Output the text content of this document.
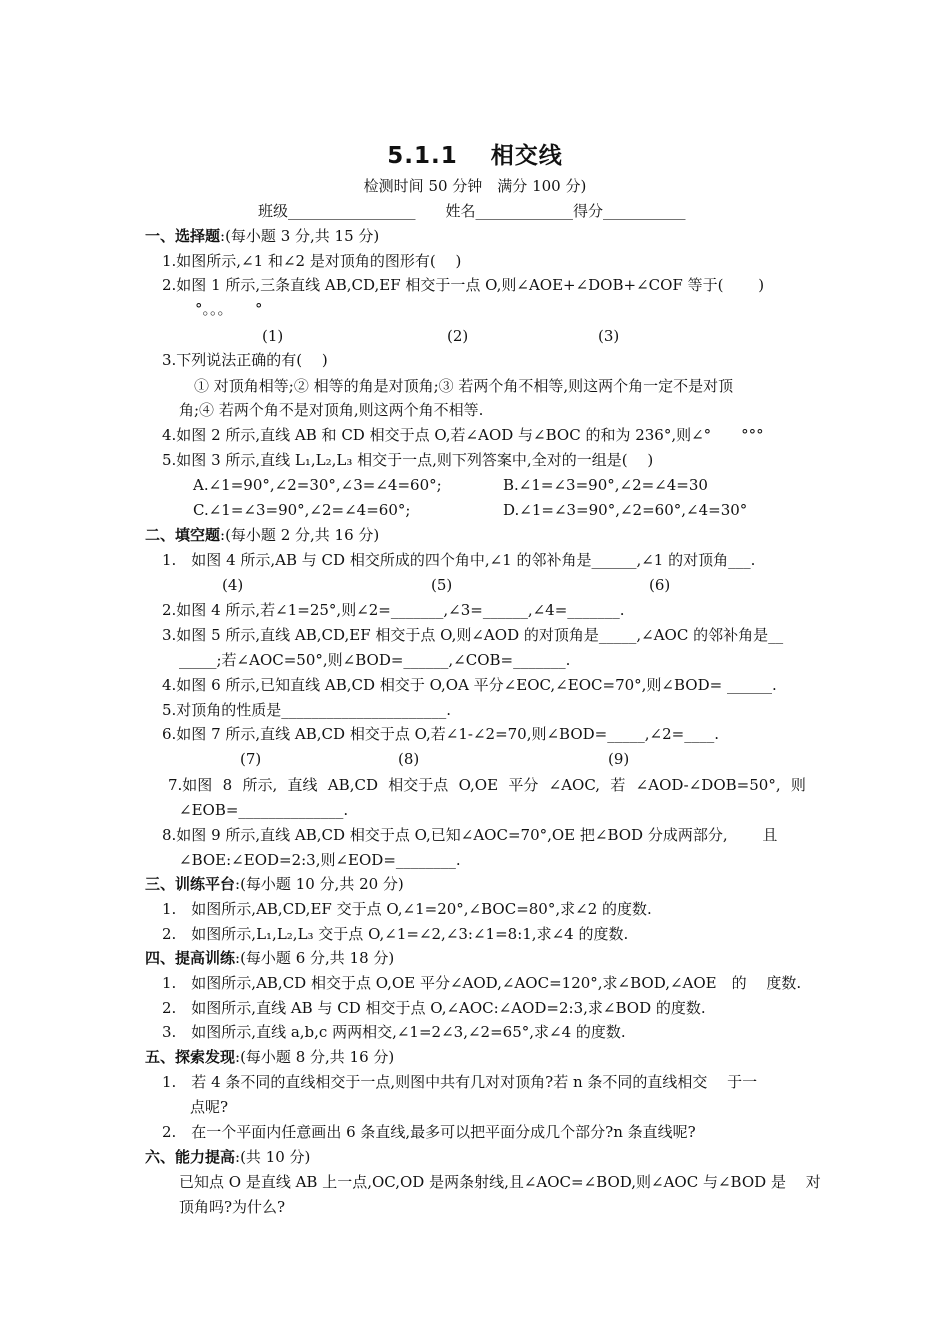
5.1.1　 相交线
检测时间 50 分钟　满分 100 分)
班级_________________　　姓名_____________得分___________
一、选择题:(每小题 3 分,共 15 分)
1.如图所示,∠1 和∠2 是对顶角的图形有(　 )
2.如图 1 所示,三条直线 AB,CD,EF 相交于一点 O,则∠AOE+∠DOB+∠COF 等于(　　 )
°。。。　　°
(1)	(2)	(3)
3.下列说法正确的有(　 )
① 对顶角相等;② 相等的角是对顶角;③ 若两个角不相等,则这两个角一定不是对顶
角;④ 若两个角不是对顶角,则这两个角不相等.
4.如图 2 所示,直线 AB 和 CD 相交于点 O,若∠AOD 与∠BOC 的和为 236°,则∠°　　°°°
5.如图 3 所示,直线 L₁,L₂,L₃ 相交于一点,则下列答案中,全对的一组是(　 )
A.∠1=90°,∠2=30°,∠3=∠4=60°;	B.∠1=∠3=90°,∠2=∠4=30
C.∠1=∠3=90°,∠2=∠4=60°;	D.∠1=∠3=90°,∠2=60°,∠4=30°
二、填空题:(每小题 2 分,共 16 分)
1.　如图 4 所示,AB 与 CD 相交所成的四个角中,∠1 的邻补角是______,∠1 的对顶角___.
(4)	(5)	(6)
2.如图 4 所示,若∠1=25°,则∠2=_______,∠3=______,∠4=_______.
3.如图 5 所示,直线 AB,CD,EF 相交于点 O,则∠AOD 的对顶角是_____,∠AOC 的邻补角是__
_____;若∠AOC=50°,则∠BOD=______,∠COB=_______.
4.如图 6 所示,已知直线 AB,CD 相交于 O,OA 平分∠EOC,∠EOC=70°,则∠BOD= ______.
5.对顶角的性质是______________________.
6.如图 7 所示,直线 AB,CD 相交于点 O,若∠1-∠2=70,则∠BOD=_____,∠2=____.
(7)	(8)	(9)
7.如图 8 所示, 直线 AB,CD 相交于点 O,OE 平分 ∠AOC, 若 ∠AOD-∠DOB=50°, 则
∠EOB=______________.
8.如图 9 所示,直线 AB,CD 相交于点 O,已知∠AOC=70°,OE 把∠BOD 分成两部分,　　 且
∠BOE:∠EOD=2:3,则∠EOD=________.
三、训练平台:(每小题 10 分,共 20 分)
1.　如图所示,AB,CD,EF 交于点 O,∠1=20°,∠BOC=80°,求∠2 的度数.
2.　如图所示,L₁,L₂,L₃ 交于点 O,∠1=∠2,∠3:∠1=8:1,求∠4 的度数.
四、提高训练:(每小题 6 分,共 18 分)
1.　如图所示,AB,CD 相交于点 O,OE 平分∠AOD,∠AOC=120°,求∠BOD,∠AOE　的　 度数.
2.　如图所示,直线 AB 与 CD 相交于点 O,∠AOC:∠AOD=2:3,求∠BOD 的度数.
3.　如图所示,直线 a,b,c 两两相交,∠1=2∠3,∠2=65°,求∠4 的度数.
五、探索发现:(每小题 8 分,共 16 分)
1.　若 4 条不同的直线相交于一点,则图中共有几对对顶角?若 n 条不同的直线相交　 于一
点呢?
2.　在一个平面内任意画出 6 条直线,最多可以把平面分成几个部分?n 条直线呢?
六、能力提高:(共 10 分)
已知点 O 是直线 AB 上一点,OC,OD 是两条射线,且∠AOC=∠BOD,则∠AOC 与∠BOD 是　 对
顶角吗?为什么?
